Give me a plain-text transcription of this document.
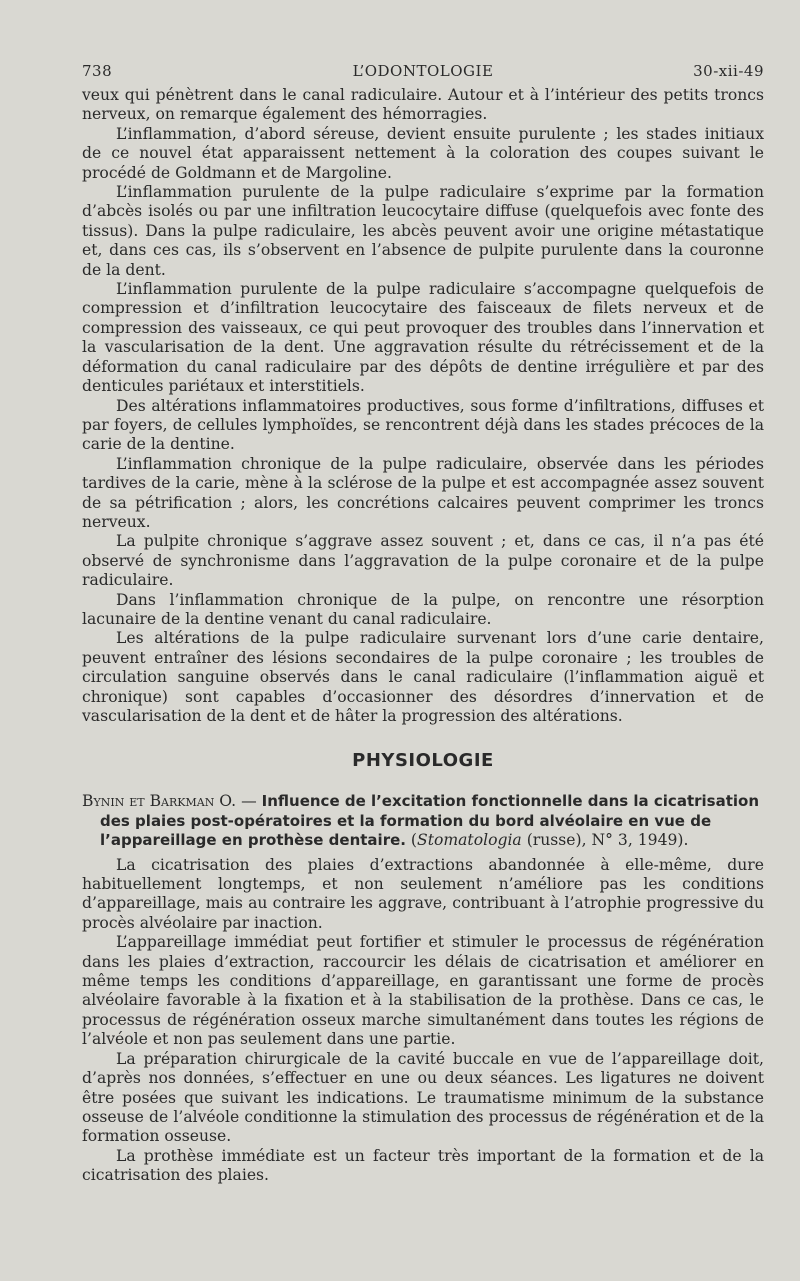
738	L’ODONTOLOGIE	30-xii-49

veux qui pénètrent dans le canal radiculaire. Autour et à l’intérieur des petits troncs nerveux, on remarque également des hémorragies.

L’inflammation, d’abord séreuse, devient ensuite purulente ; les stades initiaux de ce nouvel état apparaissent nettement à la coloration des coupes suivant le procédé de Goldmann et de Margoline.

L’inflammation purulente de la pulpe radiculaire s’exprime par la formation d’abcès isolés ou par une infiltration leucocytaire diffuse (quelquefois avec fonte des tissus). Dans la pulpe radiculaire, les abcès peuvent avoir une origine métastatique et, dans ces cas, ils s’observent en l’absence de pulpite purulente dans la couronne de la dent.

L’inflammation purulente de la pulpe radiculaire s’accompagne quelquefois de compression et d’infiltration leucocytaire des faisceaux de filets nerveux et de compression des vaisseaux, ce qui peut provoquer des troubles dans l’innervation et la vascularisation de la dent. Une aggravation résulte du rétrécissement et de la déformation du canal radiculaire par des dépôts de dentine irrégulière et par des denticules pariétaux et interstitiels.

Des altérations inflammatoires productives, sous forme d’infiltrations, diffuses et par foyers, de cellules lymphoïdes, se rencontrent déjà dans les stades précoces de la carie de la dentine.

L’inflammation chronique de la pulpe radiculaire, observée dans les périodes tardives de la carie, mène à la sclérose de la pulpe et est accompagnée assez souvent de sa pétrification ; alors, les concrétions calcaires peuvent comprimer les troncs nerveux.

La pulpite chronique s’aggrave assez souvent ; et, dans ce cas, il n’a pas été observé de synchronisme dans l’aggravation de la pulpe coronaire et de la pulpe radiculaire.

Dans l’inflammation chronique de la pulpe, on rencontre une résorption lacunaire de la dentine venant du canal radiculaire.

Les altérations de la pulpe radiculaire survenant lors d’une carie dentaire, peuvent entraîner des lésions secondaires de la pulpe coronaire ; les troubles de circulation sanguine observés dans le canal radiculaire (l’inflammation aiguë et chronique) sont capables d’occasionner des désordres d’innervation et de vascularisation de la dent et de hâter la progression des altérations.

PHYSIOLOGIE
Bynin et Barkman O. — Influence de l’excitation fonctionnelle dans la cicatrisation des plaies post-opératoires et la formation du bord alvéolaire en vue de l’appareillage en prothèse dentaire. (Stomatologia (russe), N° 3, 1949).

La cicatrisation des plaies d’extractions abandonnée à elle-même, dure habituellement longtemps, et non seulement n’améliore pas les conditions d’appareillage, mais au contraire les aggrave, contribuant à l’atrophie progressive du procès alvéolaire par inaction.

L’appareillage immédiat peut fortifier et stimuler le processus de régénération dans les plaies d’extraction, raccourcir les délais de cicatrisation et améliorer en même temps les conditions d’appareillage, en garantissant une forme de procès alvéolaire favorable à la fixation et à la stabilisation de la prothèse. Dans ce cas, le processus de régénération osseux marche simultanément dans toutes les régions de l’alvéole et non pas seulement dans une partie.

La préparation chirurgicale de la cavité buccale en vue de l’appareillage doit, d’après nos données, s’effectuer en une ou deux séances. Les ligatures ne doivent être posées que suivant les indications. Le traumatisme minimum de la substance osseuse de l’alvéole conditionne la stimulation des processus de régénération et de la formation osseuse.

La prothèse immédiate est un facteur très important de la formation et de la cicatrisation des plaies.
